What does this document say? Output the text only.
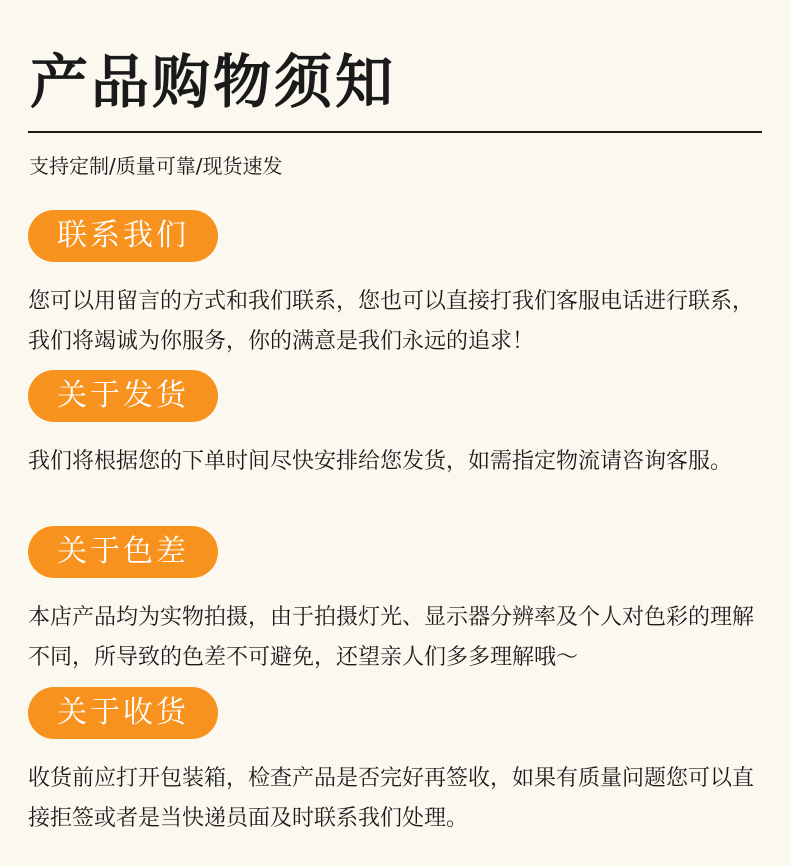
产品购物须知
支持定制/质量可靠/现货速发
联系我们
您可以用留言的方式和我们联系，您也可以直接打我们客服电话进行联系，我们将竭诚为你服务，你的满意是我们永远的追求！
关于发货
我们将根据您的下单时间尽快安排给您发货，如需指定物流请咨询客服。
关于色差
本店产品均为实物拍摄，由于拍摄灯光、显示器分辨率及个人对色彩的理解不同，所导致的色差不可避免，还望亲人们多多理解哦～
关于收货
收货前应打开包装箱，检查产品是否完好再签收，如果有质量问题您可以直接拒签或者是当快递员面及时联系我们处理。
